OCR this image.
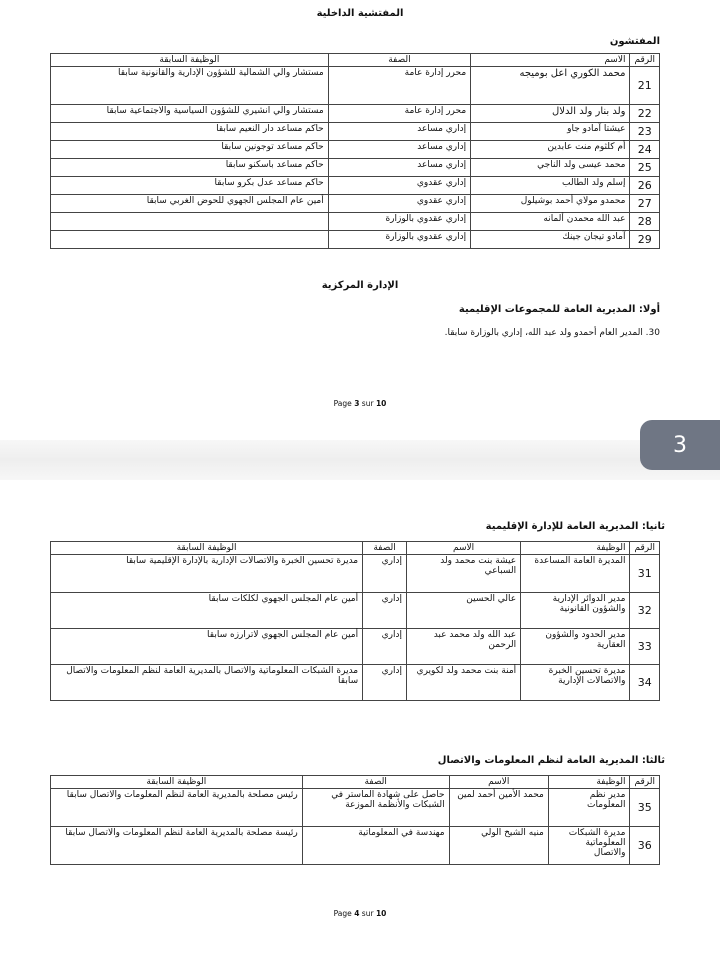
المفتشية الداخلية
المفتشون
الرقم	الاسم	الصفة	الوظيفة السابقة
21	محمد الكوري اعل بوميجه	محرر إدارة عامة	مستشار والي الشمالية للشؤون الإدارية والقانونية سابقا
22	ولد بنار ولد الدلال	محرر إدارة عامة	مستشار والي انشيري للشؤون السياسية والاجتماعية سابقا
23	عيشتا آمادو جاو	إداري مساعد	حاكم مساعد دار النعيم سابقا
24	أم كلثوم منت عابدين	إداري مساعد	حاكم مساعد توجونين سابقا
25	محمد عيسى ولد الناجي	إداري مساعد	حاكم مساعد باسكنو سابقا
26	إسلم ولد الطالب	إداري عقدوي	حاكم مساعد عدل بكرو سابقا
27	محمدو مولاي أحمد بوشيلول	إداري عقدوي	أمين عام المجلس الجهوي للحوض الغربي سابقا
28	عبد الله محمدن ألمانه	إداري عقدوي بالوزارة	
29	آمادو تيجان جينك	إداري عقدوي بالوزارة	
الإدارة المركزية
أولا: المديرية العامة للمجموعات الإقليمية
30. المدير العام أحمدو ولد عبد الله، إداري بالوزارة سابقا.
Page 3 sur 10
3
ثانيا: المديرية العامة للإدارة الإقليمية
الرقم	الوظيفة	الاسم	الصفة	الوظيفة السابقة
31	المديرة العامة المساعدة	عيشة بنت محمد ولد السباعي	إداري	مديرة تحسين الخبرة والاتصالات الإدارية بالإدارة الإقليمية سابقا
32	مدير الدوائر الإدارية والشؤون القانونية	عالي الحسين	إداري	أمين عام المجلس الجهوي لكلكات سابقا
33	مدير الحدود والشؤون العقارية	عبد الله ولد محمد عبد الرحمن	إداري	أمين عام المجلس الجهوي لاترارزه سابقا
34	مديرة تحسين الخبرة والاتصالات الإدارية	أمنة بنت محمد ولد لكويري	إداري	مديرة الشبكات المعلوماتية والاتصال بالمديرية العامة لنظم المعلومات والاتصال سابقا
ثالثا: المديرية العامة لنظم المعلومات والاتصال
الرقم	الوظيفة	الاسم	الصفة	الوظيفة السابقة
35	مدير نظم المعلومات	محمد الأمين أحمد لمين	حاصل على شهادة الماستر في الشبكات والأنظمة الموزعة	رئيس مصلحة بالمديرية العامة لنظم المعلومات والاتصال سابقا
36	مديرة الشبكات المعلوماتية والاتصال	منيه الشيخ الولي	مهندسة في المعلوماتية	رئيسة مصلحة بالمديرية العامة لنظم المعلومات والاتصال سابقا
Page 4 sur 10
